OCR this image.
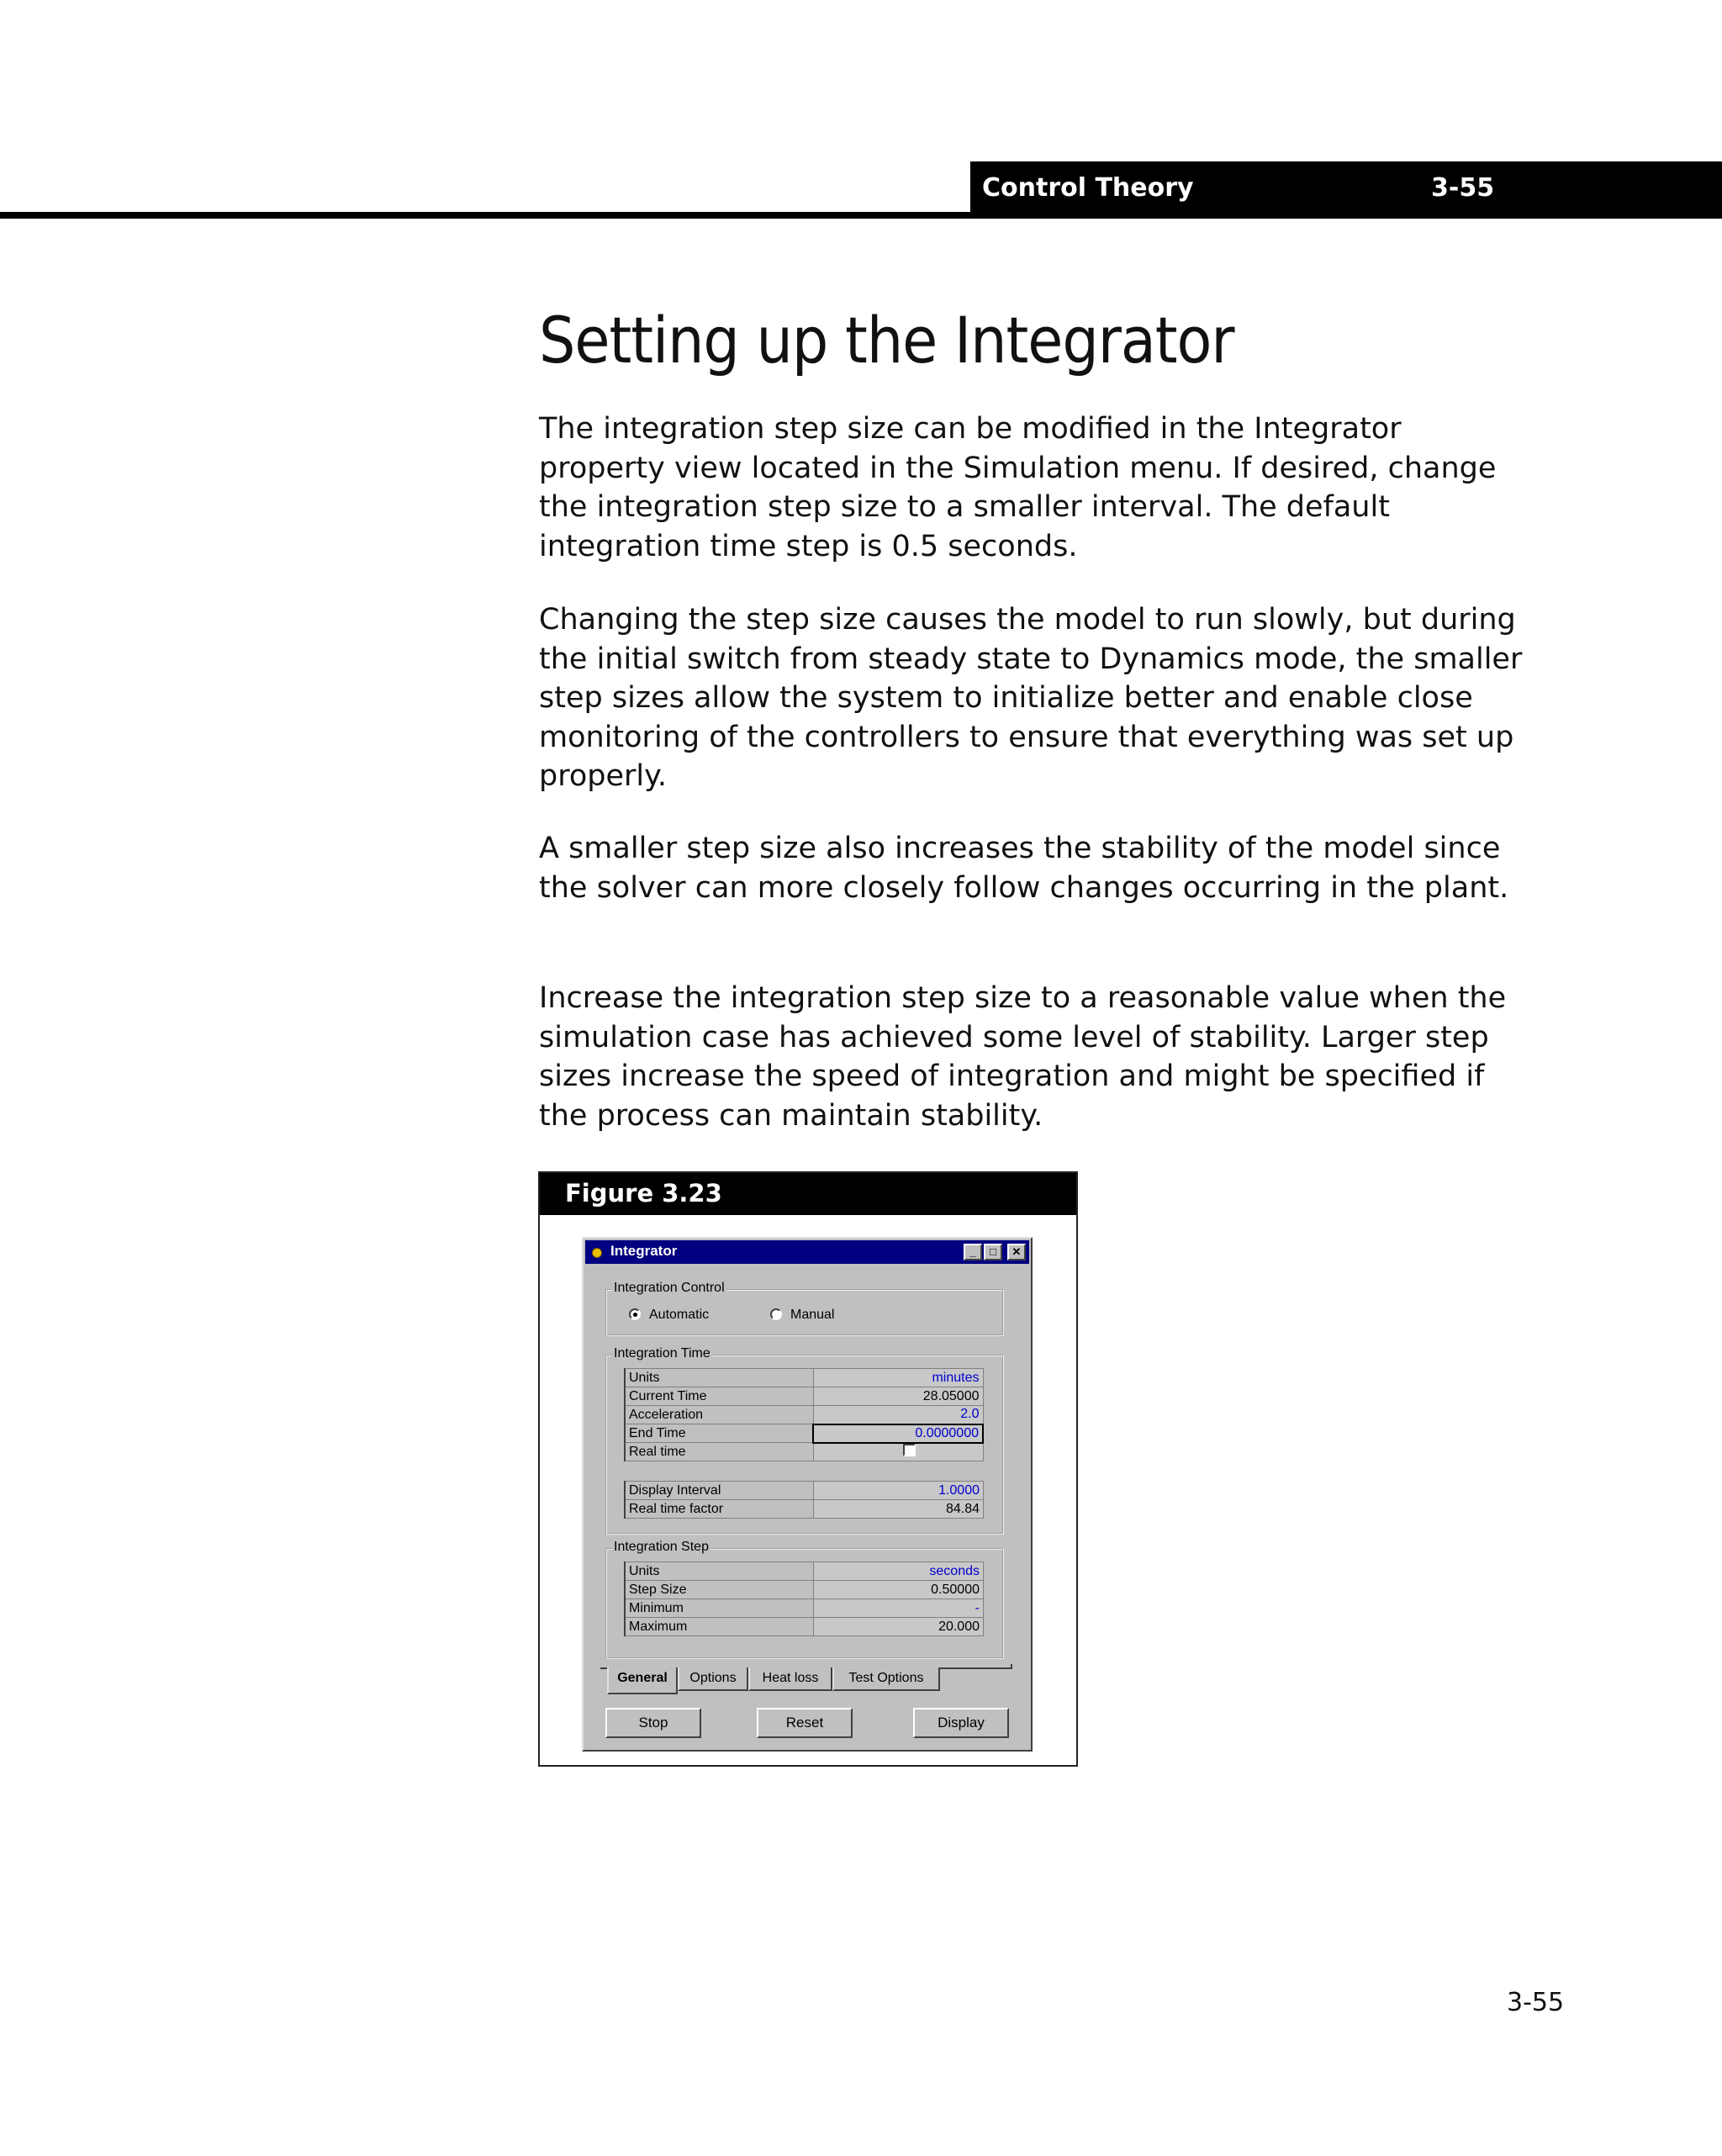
Control Theory	3-55
Setting up the Integrator

The integration step size can be modified in the Integrator property view located in the Simulation menu. If desired, change the integration step size to a smaller interval. The default integration time step is 0.5 seconds.

Changing the step size causes the model to run slowly, but during the initial switch from steady state to Dynamics mode, the smaller step sizes allow the system to initialize better and enable close monitoring of the controllers to ensure that everything was set up properly.

A smaller step size also increases the stability of the model since the solver can more closely follow changes occurring in the plant.

Increase the integration step size to a reasonable value when the simulation case has achieved some level of stability. Larger step sizes increase the speed of integration and might be specified if the process can maintain stability.

Figure 3.23
Integrator	_	□	✕
Integration Control
Automatic	Manual
Integration Time
Units	minutes
Current Time	28.05000
Acceleration	2.0
End Time	0.0000000
Real time	
Display Interval	1.0000
Real time factor	84.84
Integration Step
Units	seconds
Step Size	0.50000
Minimum	-
Maximum	20.000
General	Options	Heat loss	Test Options
Stop	Reset	Display
3-55
